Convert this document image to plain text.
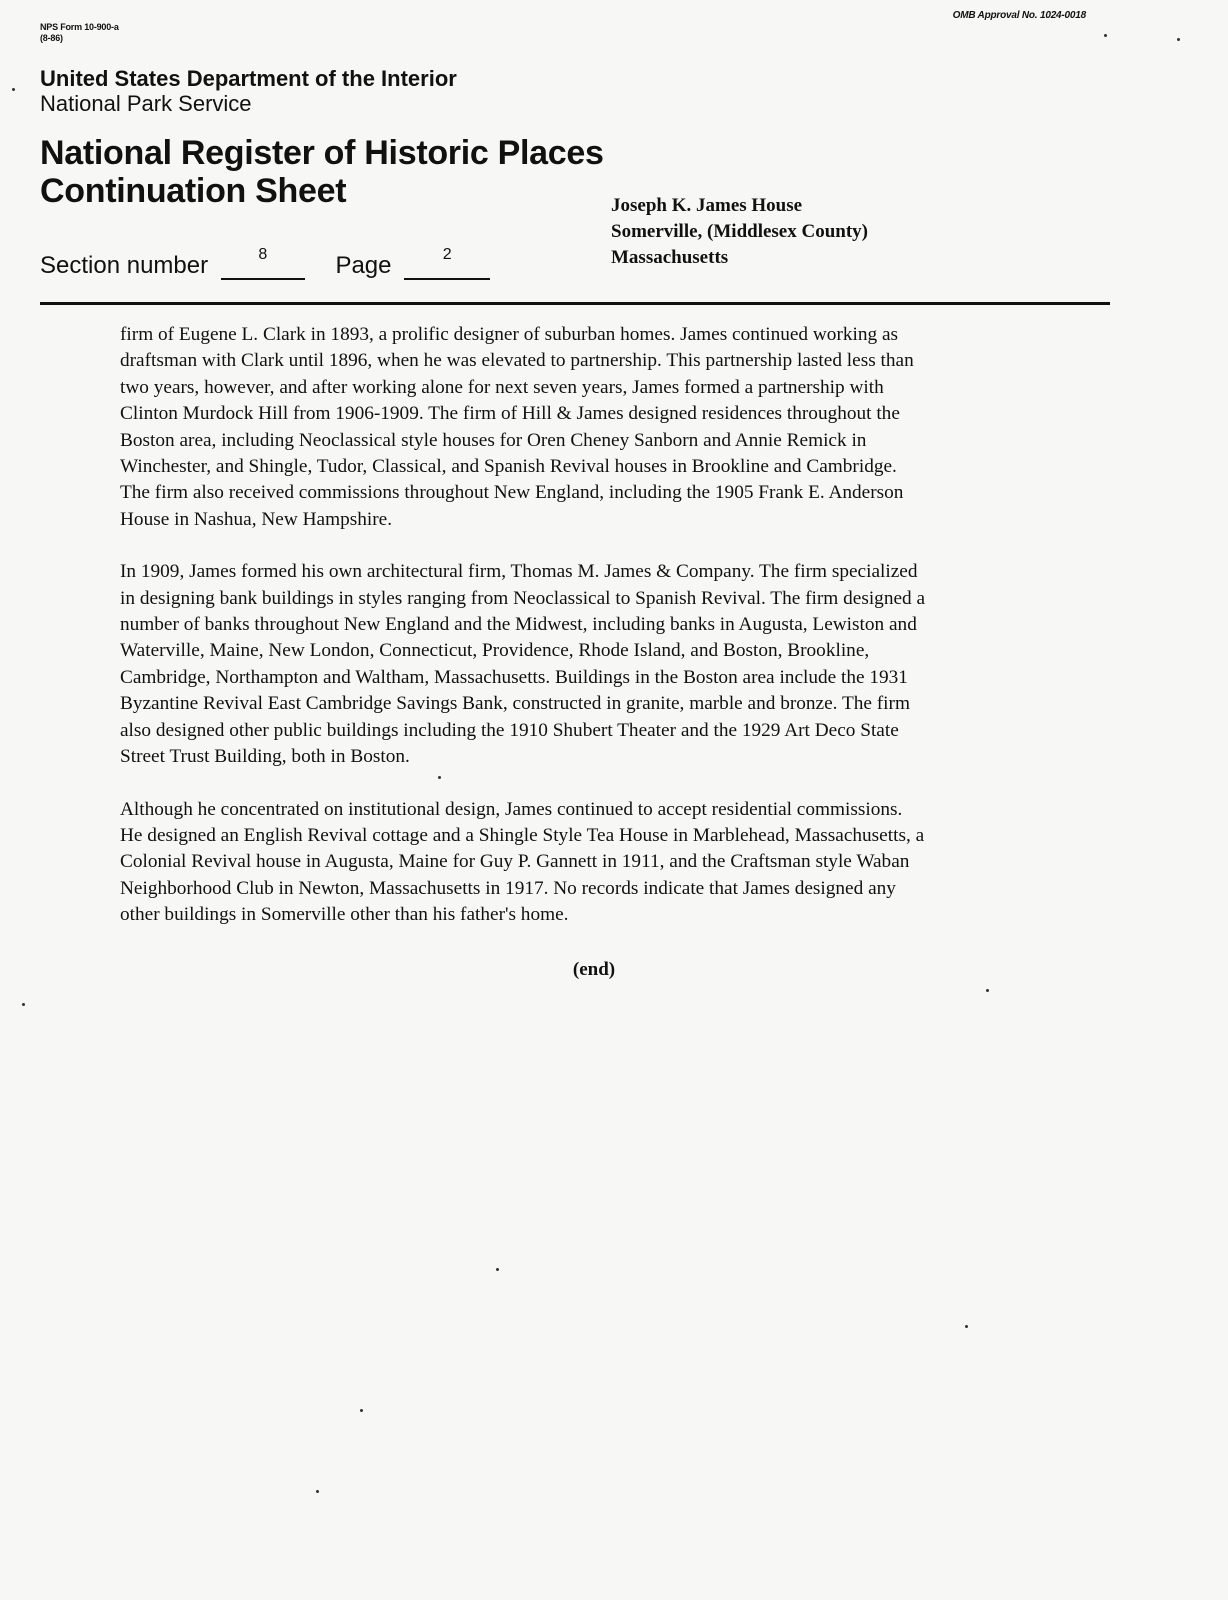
NPS Form 10-900-a
(8-86)
OMB Approval No. 1024-0018
United States Department of the Interior
National Park Service
National Register of Historic Places
Continuation Sheet	Joseph K. James House
Somerville, (Middlesex County)
Massachusetts
Section number	8	Page	2

firm of Eugene L. Clark in 1893, a prolific designer of suburban homes. James continued working as
draftsman with Clark until 1896, when he was elevated to partnership. This partnership lasted less than
two years, however, and after working alone for next seven years, James formed a partnership with
Clinton Murdock Hill from 1906-1909. The firm of Hill & James designed residences throughout the
Boston area, including Neoclassical style houses for Oren Cheney Sanborn and Annie Remick in
Winchester, and Shingle, Tudor, Classical, and Spanish Revival houses in Brookline and Cambridge.
The firm also received commissions throughout New England, including the 1905 Frank E. Anderson
House in Nashua, New Hampshire.

In 1909, James formed his own architectural firm, Thomas M. James & Company. The firm specialized
in designing bank buildings in styles ranging from Neoclassical to Spanish Revival. The firm designed a
number of banks throughout New England and the Midwest, including banks in Augusta, Lewiston and
Waterville, Maine, New London, Connecticut, Providence, Rhode Island, and Boston, Brookline,
Cambridge, Northampton and Waltham, Massachusetts. Buildings in the Boston area include the 1931
Byzantine Revival East Cambridge Savings Bank, constructed in granite, marble and bronze. The firm
also designed other public buildings including the 1910 Shubert Theater and the 1929 Art Deco State
Street Trust Building, both in Boston.

Although he concentrated on institutional design, James continued to accept residential commissions.
He designed an English Revival cottage and a Shingle Style Tea House in Marblehead, Massachusetts, a
Colonial Revival house in Augusta, Maine for Guy P. Gannett in 1911, and the Craftsman style Waban
Neighborhood Club in Newton, Massachusetts in 1917. No records indicate that James designed any
other buildings in Somerville other than his father's home.

(end)
